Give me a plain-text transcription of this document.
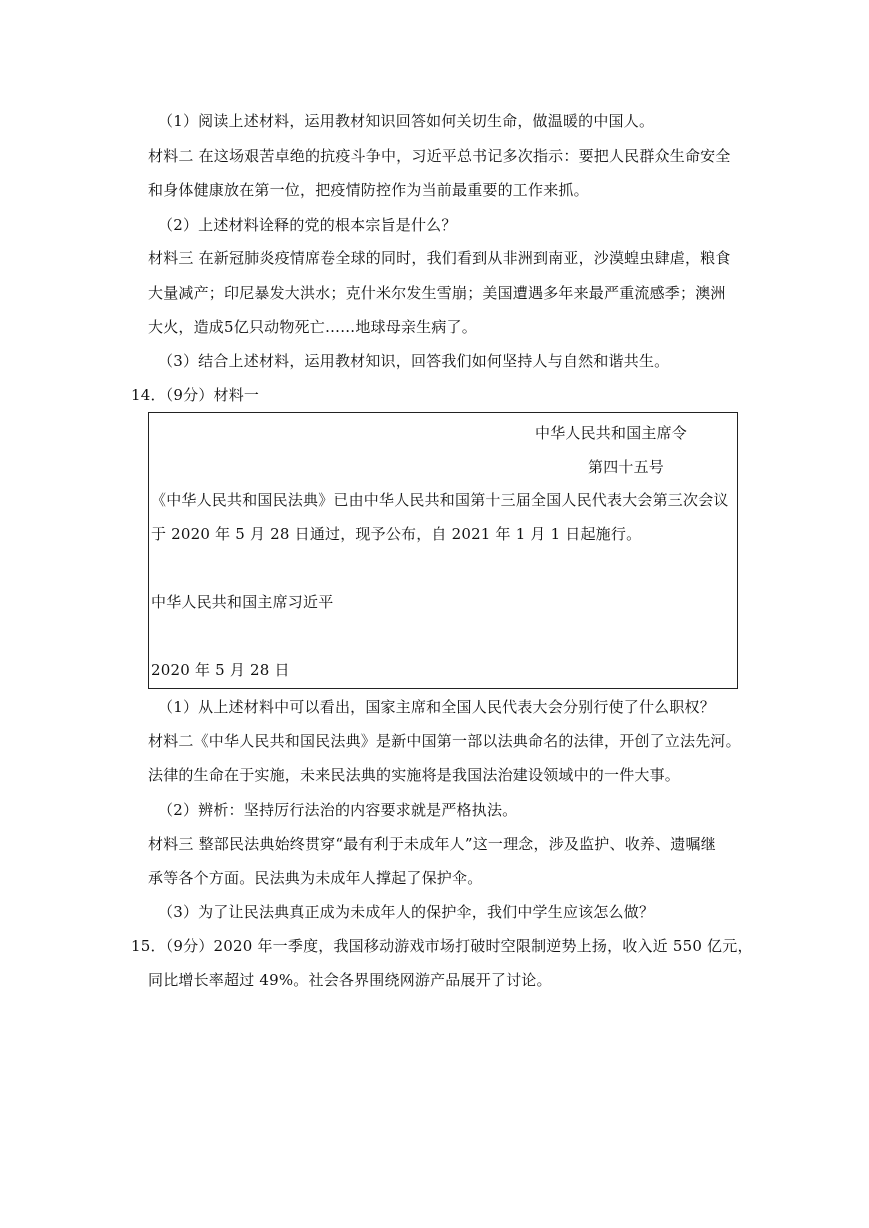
（1）阅读上述材料，运用教材知识回答如何关切生命，做温暖的中国人。
材料二 在这场艰苦卓绝的抗疫斗争中，习近平总书记多次指示：要把人民群众生命安全
和身体健康放在第一位，把疫情防控作为当前最重要的工作来抓。
（2）上述材料诠释的党的根本宗旨是什么？
材料三 在新冠肺炎疫情席卷全球的同时，我们看到从非洲到南亚，沙漠蝗虫肆虐，粮食
大量减产；印尼暴发大洪水；克什米尔发生雪崩；美国遭遇多年来最严重流感季；澳洲
大火，造成5亿只动物死亡……地球母亲生病了。
（3）结合上述材料，运用教材知识，回答我们如何坚持人与自然和谐共生。
14．（9分）材料一
中华人民共和国主席令
第四十五号
《中华人民共和国民法典》已由中华人民共和国第十三届全国人民代表大会第三次会议
于 2020 年 5 月 28 日通过，现予公布，自 2021 年 1 月 1 日起施行。
中华人民共和国主席习近平
2020 年 5 月 28 日
（1）从上述材料中可以看出，国家主席和全国人民代表大会分别行使了什么职权？
材料二《中华人民共和国民法典》是新中国第一部以法典命名的法律，开创了立法先河。
法律的生命在于实施，未来民法典的实施将是我国法治建设领域中的一件大事。
（2）辨析：坚持厉行法治的内容要求就是严格执法。
材料三 整部民法典始终贯穿“最有利于未成年人”这一理念，涉及监护、收养、遗嘱继
承等各个方面。民法典为未成年人撑起了保护伞。
（3）为了让民法典真正成为未成年人的保护伞，我们中学生应该怎么做？
15．（9分）2020 年一季度，我国移动游戏市场打破时空限制逆势上扬，收入近 550 亿元，
同比增长率超过 49%。社会各界围绕网游产品展开了讨论。
